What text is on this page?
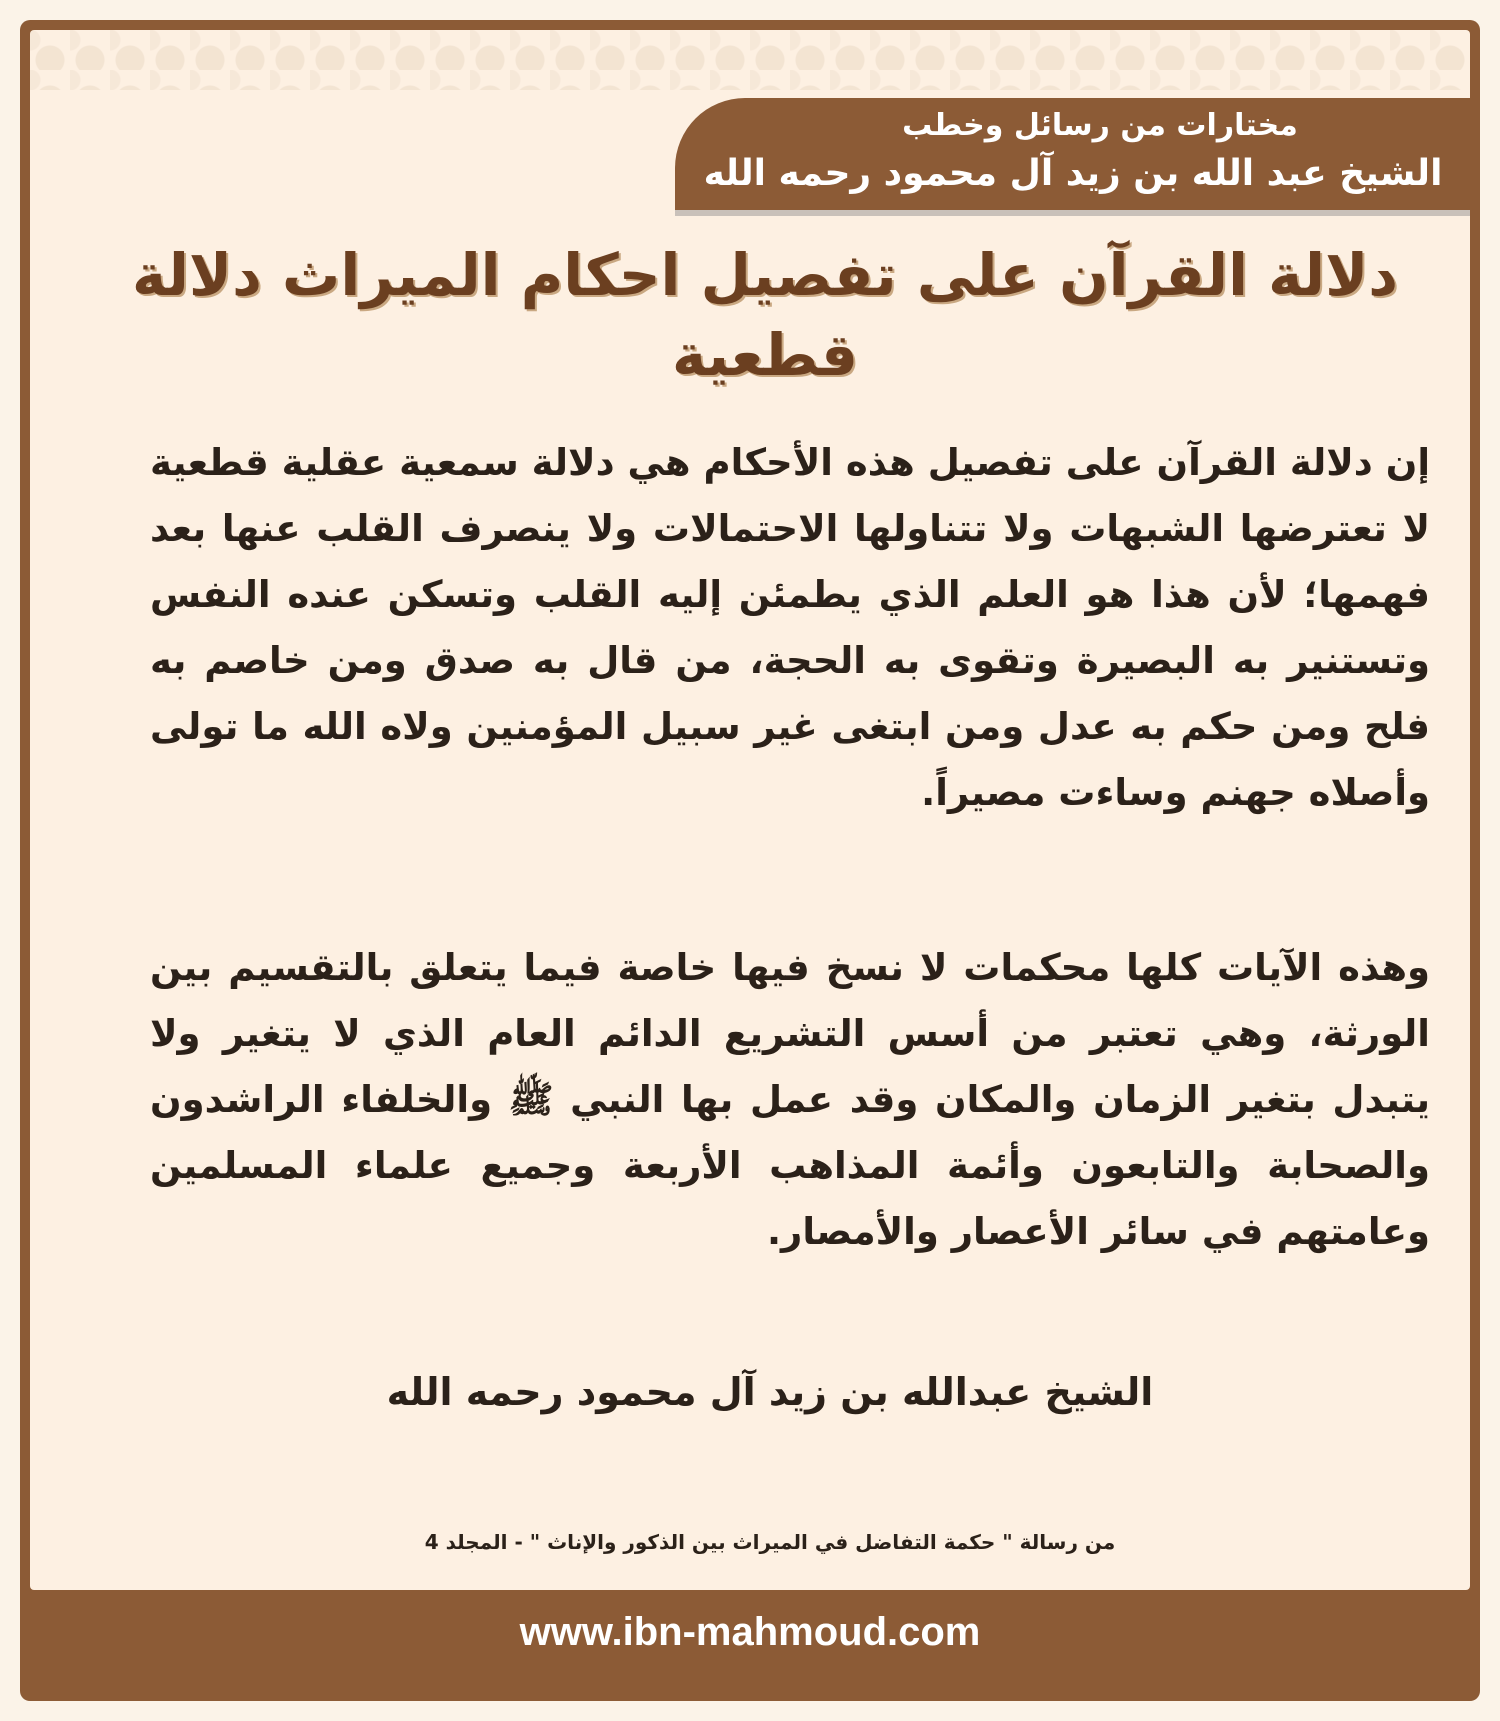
مختارات من رسائل وخطب
الشيخ عبد الله بن زيد آل محمود رحمه الله
دلالة القرآن على تفصيل احكام الميراث دلالة قطعية
إن دلالة القرآن على تفصيل هذه الأحكام هي دلالة سمعية عقلية قطعية لا تعترضها الشبهات ولا تتناولها الاحتمالات ولا ينصرف القلب عنها بعد فهمها؛ لأن هذا هو العلم الذي يطمئن إليه القلب وتسكن عنده النفس وتستنير به البصيرة وتقوى به الحجة، من قال به صدق ومن خاصم به فلح ومن حكم به عدل ومن ابتغى غير سبيل المؤمنين ولاه الله ما تولى وأصلاه جهنم وساءت مصيراً.
وهذه الآيات كلها محكمات لا نسخ فيها خاصة فيما يتعلق بالتقسيم بين الورثة، وهي تعتبر من أسس التشريع الدائم العام الذي لا يتغير ولا يتبدل بتغير الزمان والمكان وقد عمل بها النبي ﷺ والخلفاء الراشدون والصحابة والتابعون وأئمة المذاهب الأربعة وجميع علماء المسلمين وعامتهم في سائر الأعصار والأمصار.
الشيخ عبدالله بن زيد آل محمود رحمه الله
من رسالة " حكمة التفاضل في الميراث بين الذكور والإناث " - المجلد 4
www.ibn-mahmoud.com
